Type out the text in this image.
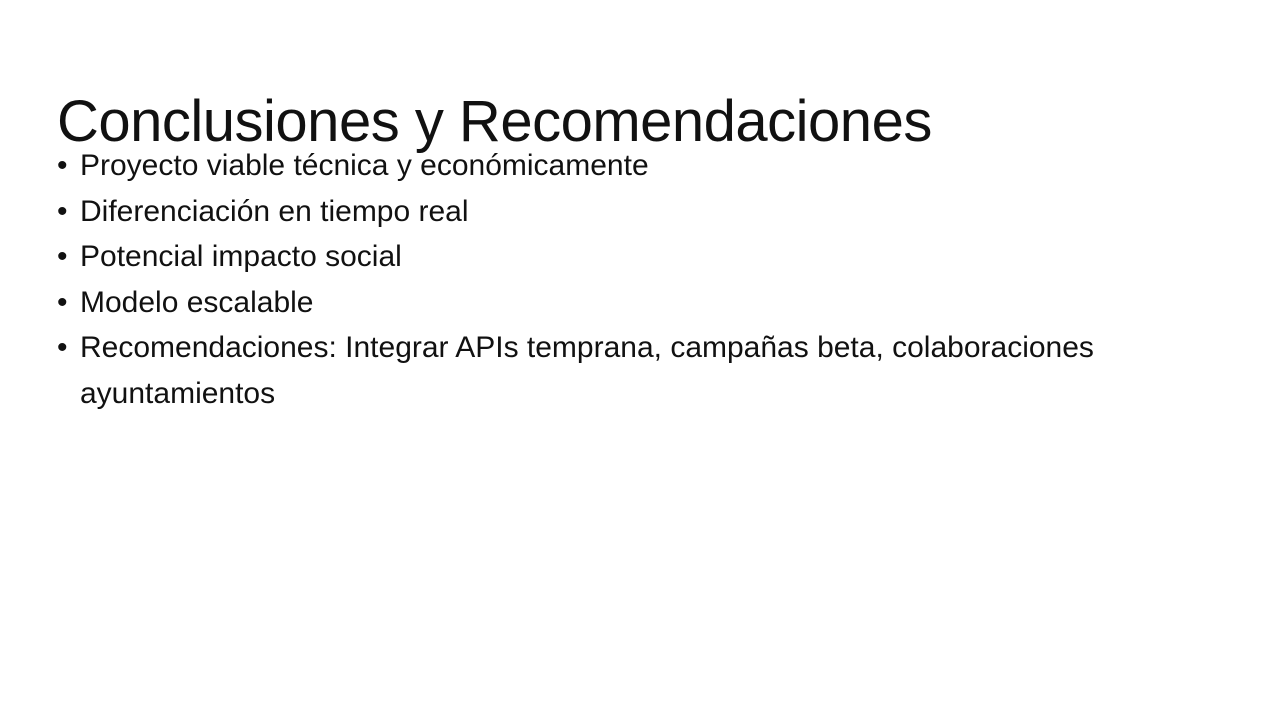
Conclusiones y Recomendaciones
• Proyecto viable técnica y económicamente
• Diferenciación en tiempo real
• Potencial impacto social
• Modelo escalable
• Recomendaciones: Integrar APIs temprana, campañas beta, colaboraciones ayuntamientos
